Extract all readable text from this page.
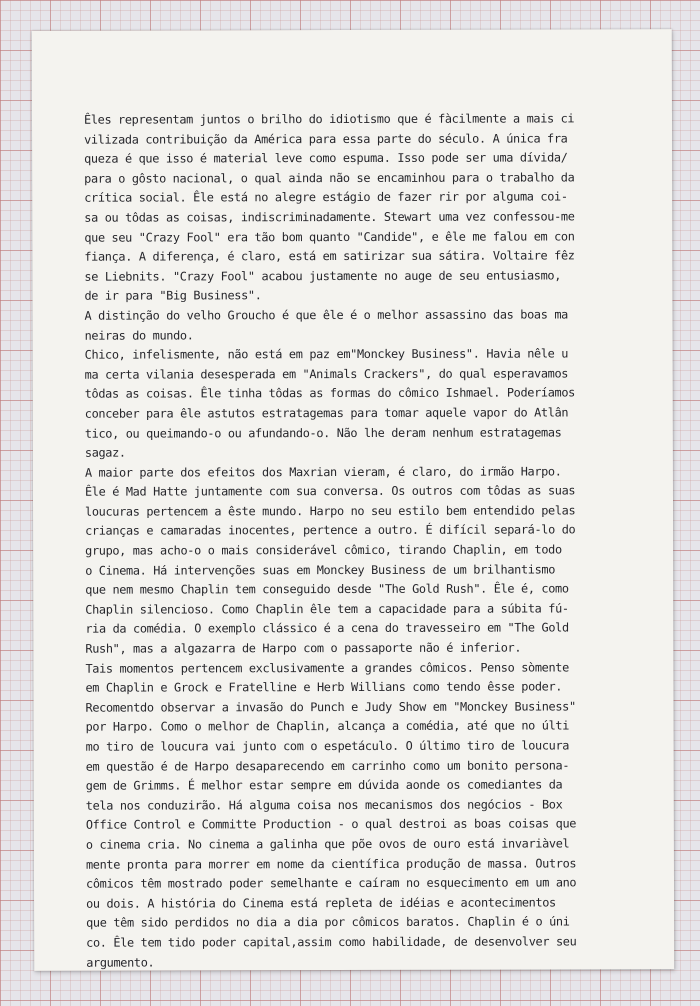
Êles representam juntos o brilho do idiotismo que é fàcilmente a mais ci
vilizada contribuição da América para essa parte do século. A única fra
queza é que isso é material leve como espuma. Isso pode ser uma dívida/
para o gôsto nacional, o qual ainda não se encaminhou para o trabalho da
crítica social. Êle está no alegre estágio de fazer rir por alguma coi-
sa ou tôdas as coisas, indiscriminadamente. Stewart uma vez confessou-me
que seu "Crazy Fool" era tão bom quanto "Candide", e êle me falou em con
fiança. A diferença, é claro, está em satirizar sua sátira. Voltaire fêz
se Liebnits. "Crazy Fool" acabou justamente no auge de seu entusiasmo,
de ir para "Big Business".
A distinção do velho Groucho é que êle é o melhor assassino das boas ma
neiras do mundo.
Chico, infelismente, não está em paz em"Monckey Business". Havia nêle u
ma certa vilania desesperada em "Animals Crackers", do qual esperavamos
tôdas as coisas. Êle tinha tôdas as formas do cômico Ishmael. Poderíamos
conceber para êle astutos estratagemas para tomar aquele vapor do Atlân
tico, ou queimando-o ou afundando-o. Não lhe deram nenhum estratagemas
sagaz.
A maior parte dos efeitos dos Maxrian vieram, é claro, do irmão Harpo.
Êle é Mad Hatte juntamente com sua conversa. Os outros com tôdas as suas
loucuras pertencem a êste mundo. Harpo no seu estilo bem entendido pelas
crianças e camaradas inocentes, pertence a outro. É difícil separá-lo do
grupo, mas acho-o o mais considerável cômico, tirando Chaplin, em todo
o Cinema. Há intervenções suas em Monckey Business de um brilhantismo
que nem mesmo Chaplin tem conseguido desde "The Gold Rush". Êle é, como
Chaplin silencioso. Como Chaplin êle tem a capacidade para a súbita fú-
ria da comédia. O exemplo clássico é a cena do travesseiro em "The Gold
Rush", mas a algazarra de Harpo com o passaporte não é inferior.
Tais momentos pertencem exclusivamente a grandes cômicos. Penso sòmente
em Chaplin e Grock e Fratelline e Herb Willians como tendo êsse poder.
Recomentdo observar a invasão do Punch e Judy Show em "Monckey Business"
por Harpo. Como o melhor de Chaplin, alcança a comédia, até que no últi
mo tiro de loucura vai junto com o espetáculo. O último tiro de loucura
em questão é de Harpo desaparecendo em carrinho como um bonito persona-
gem de Grimms. É melhor estar sempre em dúvida aonde os comediantes da
tela nos conduzirão. Há alguma coisa nos mecanismos dos negócios - Box
Office Control e Committe Production - o qual destroi as boas coisas que
o cinema cria. No cinema a galinha que põe ovos de ouro está invariàvel
mente pronta para morrer em nome da científica produção de massa. Outros
cômicos têm mostrado poder semelhante e caíram no esquecimento em um ano
ou dois. A história do Cinema está repleta de idéias e acontecimentos
que têm sido perdidos no dia a dia por cômicos baratos. Chaplin é o úni
co. Êle tem tido poder capital,assim como habilidade, de desenvolver seu
argumento.
